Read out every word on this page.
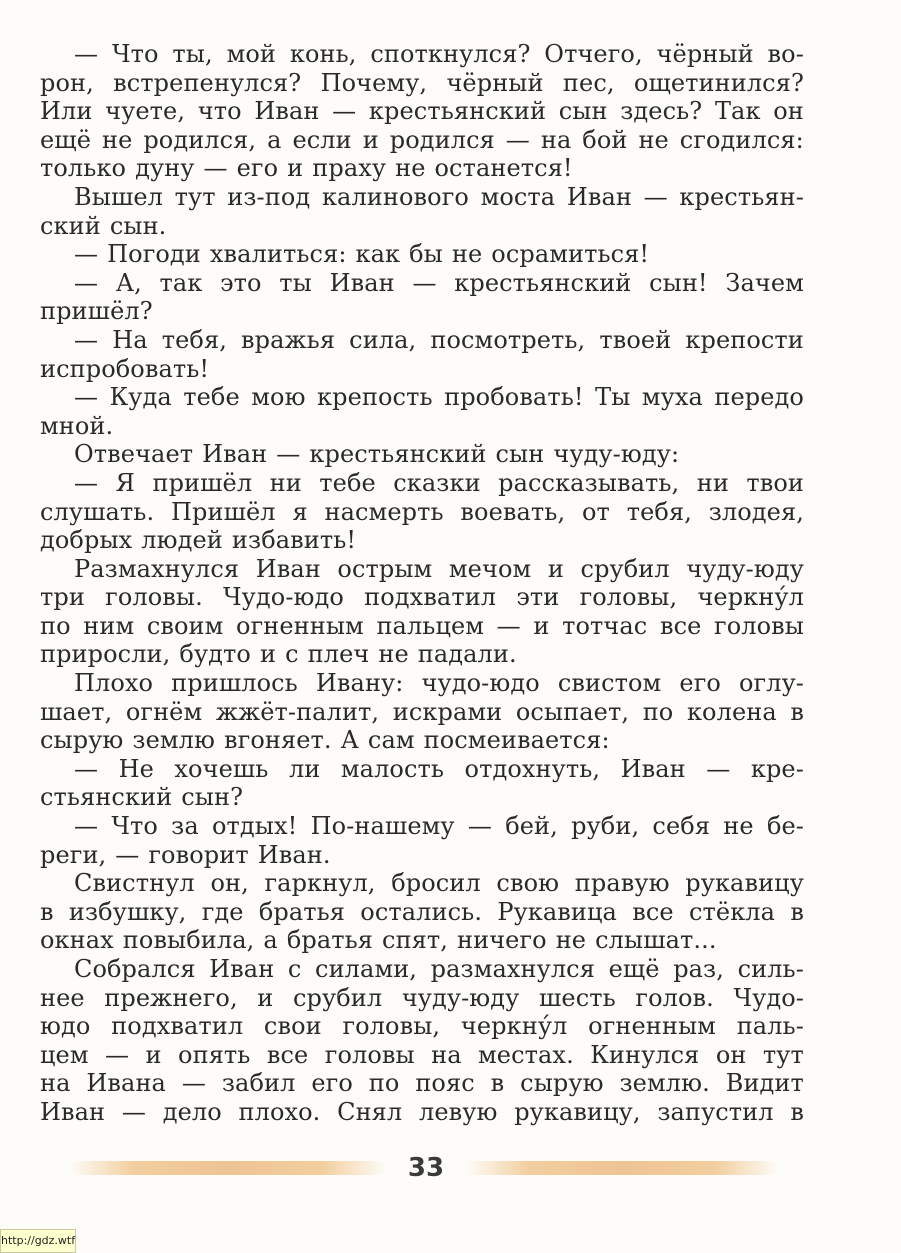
— Что ты, мой конь, споткнулся? Отчего, чёрный во-
рон, встрепенулся? Почему, чёрный пес, ощетинился?
Или чуете, что Иван — крестьянский сын здесь? Так он
ещё не родился, а если и родился — на бой не сгодился:
только дуну — его и праху не останется!
Вышел тут из-под калинового моста Иван — крестьян-
ский сын.
— Погоди хвалиться: как бы не осрамиться!
— А, так это ты Иван — крестьянский сын! Зачем
пришёл?
— На тебя, вражья сила, посмотреть, твоей крепости
испробовать!
— Куда тебе мою крепость пробовать! Ты муха передо
мной.
Отвечает Иван — крестьянский сын чуду-юду:
— Я пришёл ни тебе сказки рассказывать, ни твои
слушать. Пришёл я насмерть воевать, от тебя, злодея,
добрых людей избавить!
Размахнулся Иван острым мечом и срубил чуду-юду
три головы. Чудо-юдо подхватил эти головы, черкну́л
по ним своим огненным пальцем — и тотчас все головы
приросли, будто и с плеч не падали.
Плохо пришлось Ивану: чудо-юдо свистом его оглу-
шает, огнём жжёт-палит, искрами осыпает, по колена в
сырую землю вгоняет. А сам посмеивается:
— Не хочешь ли малость отдохнуть, Иван — кре-
стьянский сын?
— Что за отдых! По-нашему — бей, руби, себя не бе-
реги, — говорит Иван.
Свистнул он, гаркнул, бросил свою правую рукавицу
в избушку, где братья остались. Рукавица все стёкла в
окнах повыбила, а братья спят, ничего не слышат...
Собрался Иван с силами, размахнулся ещё раз, силь-
нее прежнего, и срубил чуду-юду шесть голов. Чудо-
юдо подхватил свои головы, черкну́л огненным паль-
цем — и опять все головы на местах. Кинулся он тут
на Ивана — забил его по пояс в сырую землю. Видит
Иван — дело плохо. Снял левую рукавицу, запустил в
33
http://gdz.wtf
